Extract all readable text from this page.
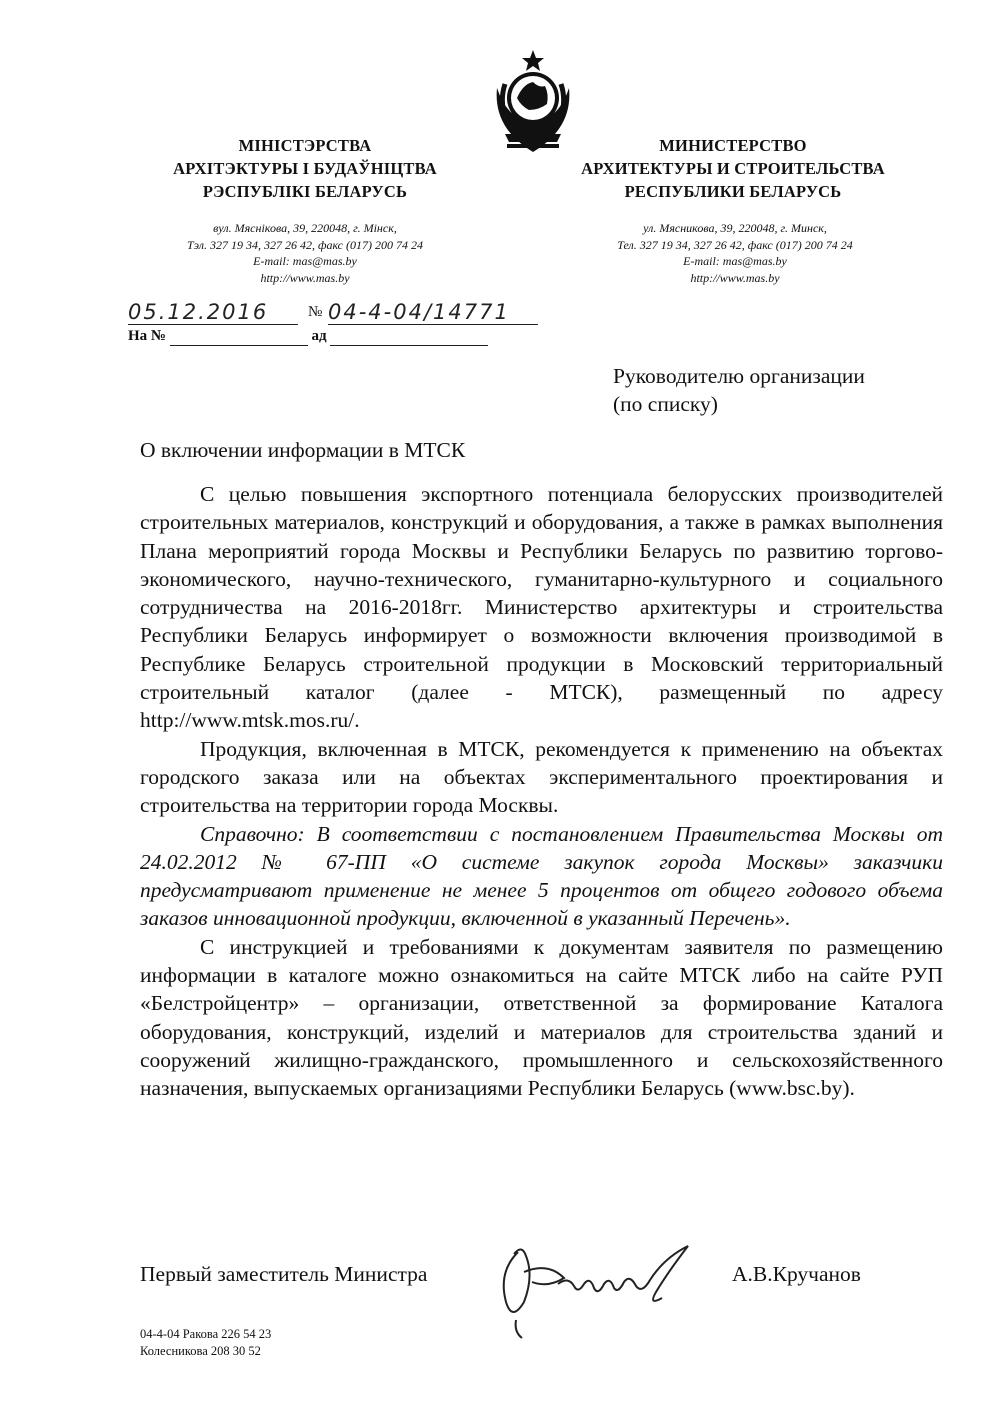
МІНІСТЭРСТВА
АРХІТЭКТУРЫ І БУДАЎНІЦТВА
РЭСПУБЛІКІ БЕЛАРУСЬ
вул. Мяснікова, 39, 220048, г. Мінск,
Тэл. 327 19 34, 327 26 42, факс (017) 200 74 24
E-mail: mas@mas.by
http://www.mas.by
МИНИСТЕРСТВО
АРХИТЕКТУРЫ И СТРОИТЕЛЬСТВА
РЕСПУБЛИКИ БЕЛАРУСЬ
ул. Мясникова, 39, 220048, г. Минск,
Тел. 327 19 34, 327 26 42, факс (017) 200 74 24
E-mail: mas@mas.by
http://www.mas.by
05.12.2016	№ 04-4-04/14771
На №	ад
Руководителю организации
(по списку)
О включении информации в МТСК

С целью повышения экспортного потенциала белорусских производителей строительных материалов, конструкций и оборудования, а также в рамках выполнения Плана мероприятий города Москвы и Республики Беларусь по развитию торгово-экономического, научно-технического, гуманитарно-культурного и социального сотрудничества на 2016-2018гг. Министерство архитектуры и строительства Республики Беларусь информирует о возможности включения производимой в Республике Беларусь строительной продукции в Московский территориальный строительный каталог (далее - МТСК), размещенный по адресу http://www.mtsk.mos.ru/.

Продукция, включенная в МТСК, рекомендуется к применению на объектах городского заказа или на объектах экспериментального проектирования и строительства на территории города Москвы.

Справочно: В соответствии с постановлением Правительства Москвы от 24.02.2012 № 67-ПП «О системе закупок города Москвы» заказчики предусматривают применение не менее 5 процентов от общего годового объема заказов инновационной продукции, включенной в указанный Перечень».

С инструкцией и требованиями к документам заявителя по размещению информации в каталоге можно ознакомиться на сайте МТСК либо на сайте РУП «Белстройцентр» – организации, ответственной за формирование Каталога оборудования, конструкций, изделий и материалов для строительства зданий и сооружений жилищно-гражданского, промышленного и сельскохозяйственного назначения, выпускаемых организациями Республики Беларусь (www.bsc.by).

Первый заместитель Министра	А.В.Кручанов
04-4-04 Ракова 226 54 23
Колесникова 208 30 52
